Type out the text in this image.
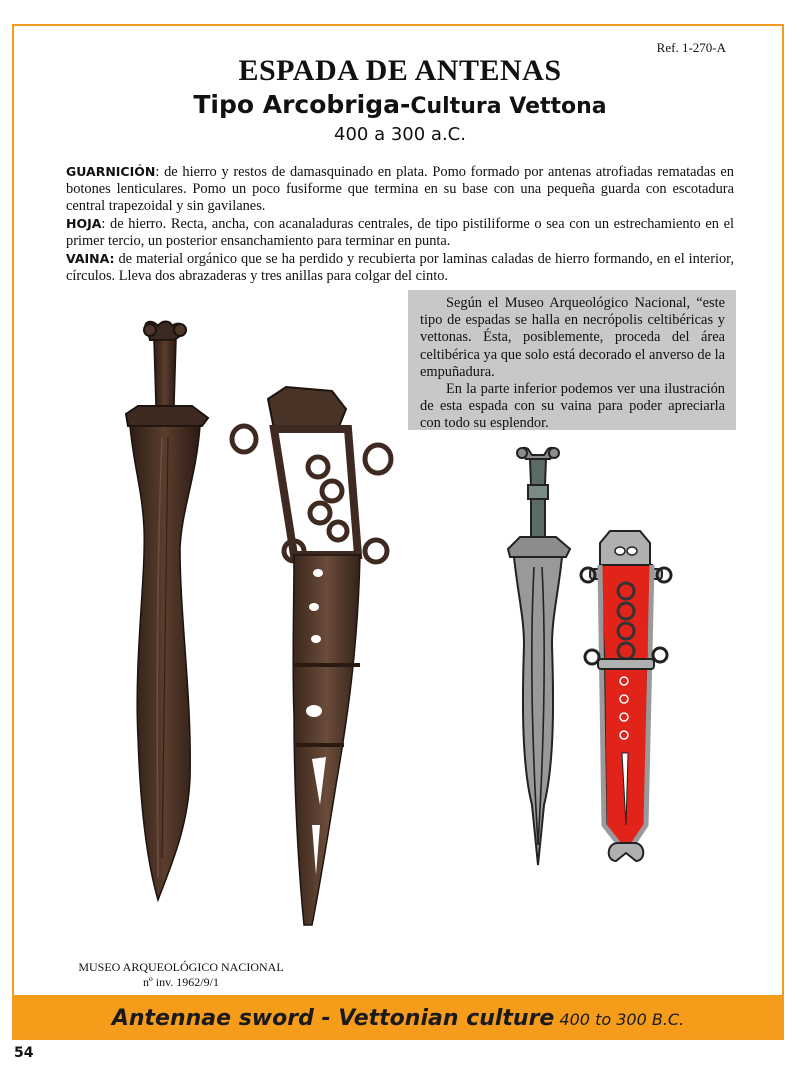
Ref. 1-270-A
ESPADA DE ANTENAS
Tipo Arcobriga-Cultura Vettona
400 a 300 a.C.

GUARNICIÓN: de hierro y restos de damasquinado en plata. Pomo formado por antenas atrofiadas rematadas en botones lenticulares. Pomo un poco fusiforme que termina en su base con una pequeña guarda con escotadura central trapezoidal y sin gavilanes.

HOJA: de hierro. Recta, ancha, con acanaladuras centrales, de tipo pistiliforme o sea con un estrechamiento en el primer tercio, un posterior ensanchamiento para terminar en punta.

VAINA: de material orgánico que se ha perdido y recubierta por laminas caladas de hierro formando, en el interior, círculos. Lleva dos abrazaderas y tres anillas para colgar del cinto.

Según el Museo Arqueológico Nacional, “este tipo de espadas se halla en necrópolis celtibéricas y vettonas. Ésta, posiblemente, proceda del área celtibérica ya que solo está decorado el anverso de la empuñadura.

En la parte inferior podemos ver una ilustración de esta espada con su vaina para poder apreciarla con todo su esplendor.

MUSEO ARQUEOLÓGICO NACIONAL
nº inv. 1962/9/1
Antennae sword - Vettonian culture 400 to 300 B.C.
54
